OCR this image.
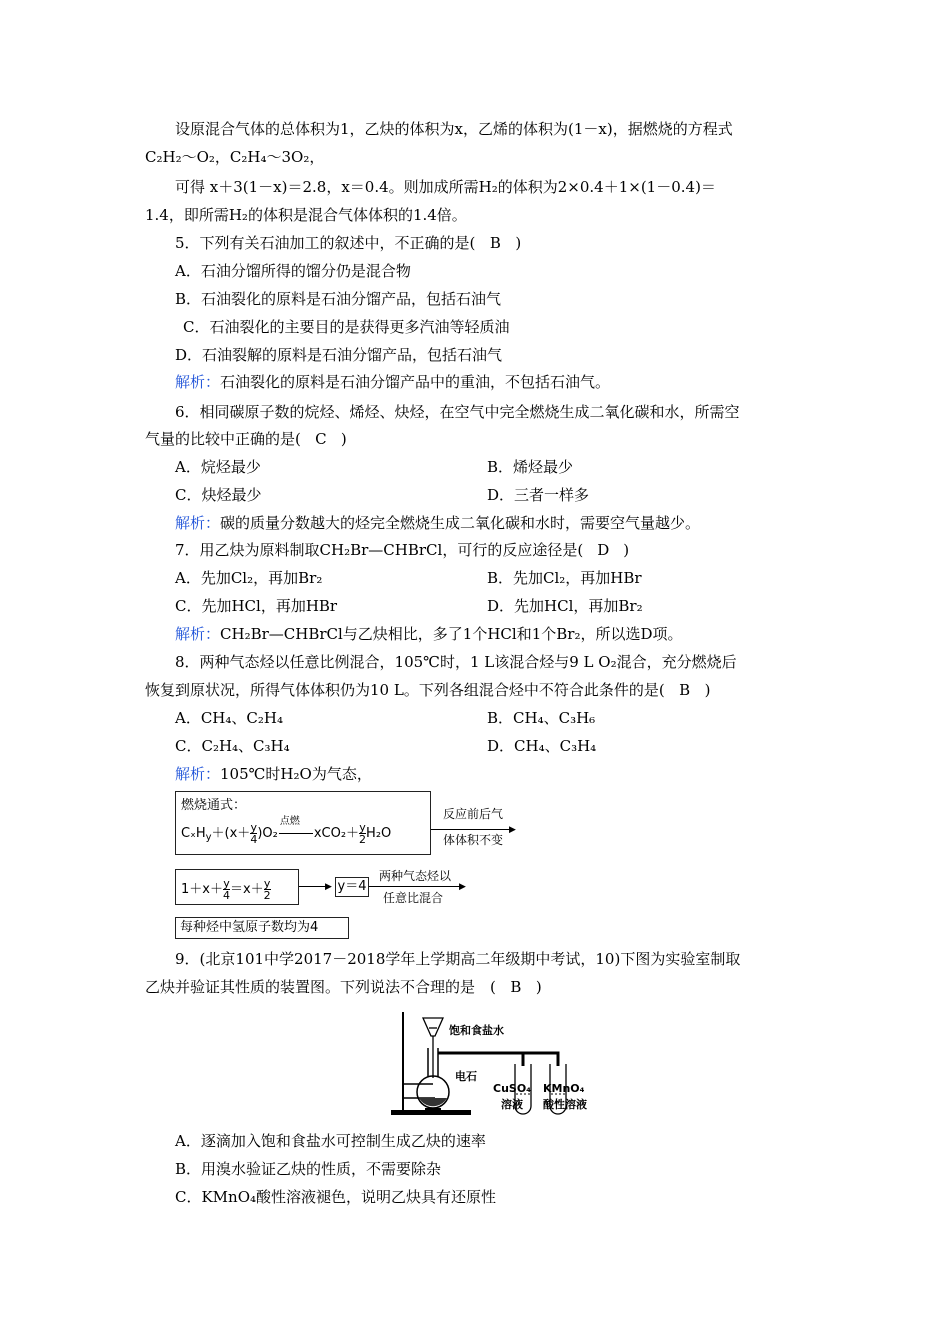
设原混合气体的总体积为1，乙炔的体积为x，乙烯的体积为(1－x)，据燃烧的方程式
C₂H₂～O₂，C₂H₄～3O₂，
可得 x＋3(1－x)＝2.8，x＝0.4。则加成所需H₂的体积为2×0.4＋1×(1－0.4)＝
1.4，即所需H₂的体积是混合气体体积的1.4倍。
5．下列有关石油加工的叙述中，不正确的是( B )
A．石油分馏所得的馏分仍是混合物
B．石油裂化的原料是石油分馏产品，包括石油气
C．石油裂化的主要目的是获得更多汽油等轻质油
D．石油裂解的原料是石油分馏产品，包括石油气
解析：石油裂化的原料是石油分馏产品中的重油，不包括石油气。
6．相同碳原子数的烷烃、烯烃、炔烃，在空气中完全燃烧生成二氧化碳和水，所需空
气量的比较中正确的是( C )
A．烷烃最少	B．烯烃最少
C．炔烃最少	D．三者一样多
解析：碳的质量分数越大的烃完全燃烧生成二氧化碳和水时，需要空气量越少。
7．用乙炔为原料制取CH₂Br—CHBrCl，可行的反应途径是( D )
A．先加Cl₂，再加Br₂	B．先加Cl₂，再加HBr
C．先加HCl，再加HBr	D．先加HCl，再加Br₂
解析：CH₂Br—CHBrCl与乙炔相比，多了1个HCl和1个Br₂，所以选D项。
8．两种气态烃以任意比例混合，105℃时，1 L该混合烃与9 L O₂混合，充分燃烧后
恢复到原状况，所得气体体积仍为10 L。下列各组混合烃中不符合此条件的是( B )
A．CH₄、C₂H₄	B．CH₄、C₃H₆
C．C₂H₄、C₃H₄	D．CH₄、C₃H₄
解析：105℃时H₂O为气态，
燃烧通式：
$C_xH_y+(x+ \frac{y}{4} )O_2$
点燃
$xCO_2+ \frac{y}{2} H_2O$	▶
反应前后气
体体积不变
$1+x+ \frac{y}{4} =x+ \frac{y}{2}$	▶ y＝4	▶
两种气态烃以
任意比混合
每种烃中氢原子数均为4
9．(北京101中学2017－2018学年上学期高二年级期中考试，10)下图为实验室制取
乙炔并验证其性质的装置图。下列说法不合理的是　( B )
饱和食盐水
电石
CuSO₄
溶液
KMnO₄
酸性溶液
A．逐滴加入饱和食盐水可控制生成乙炔的速率
B．用溴水验证乙炔的性质，不需要除杂
C．KMnO₄酸性溶液褪色，说明乙炔具有还原性
